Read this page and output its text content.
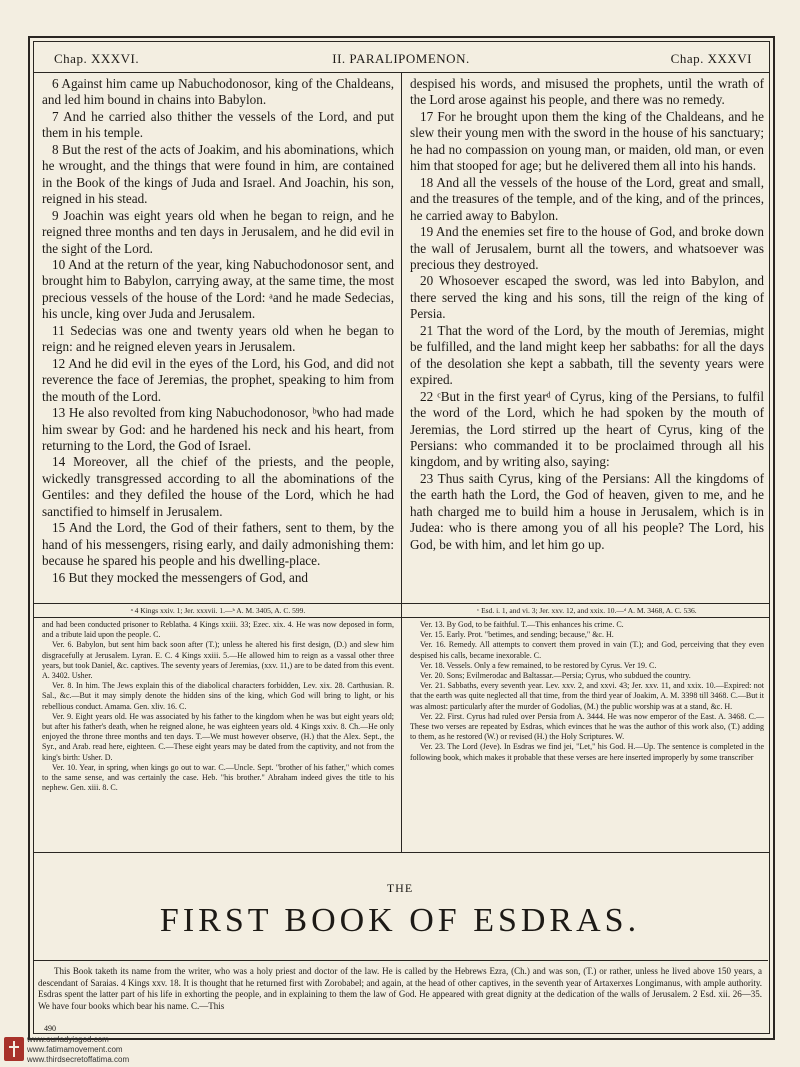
Chap. XXXVI.	II. PARALIPOMENON.	Chap. XXXVI

6 Against him came up Nabuchodonosor, king of the Chaldeans, and led him bound in chains into Babylon.

7 And he carried also thither the vessels of the Lord, and put them in his temple.

8 But the rest of the acts of Joakim, and his abominations, which he wrought, and the things that were found in him, are contained in the Book of the kings of Juda and Israel. And Joachin, his son, reigned in his stead.

9 Joachin was eight years old when he began to reign, and he reigned three months and ten days in Jerusalem, and he did evil in the sight of the Lord.

10 And at the return of the year, king Nabuchodonosor sent, and brought him to Babylon, carrying away, at the same time, the most precious vessels of the house of the Lord: ᵃand he made Sedecias, his uncle, king over Juda and Jerusalem.

11 Sedecias was one and twenty years old when he began to reign: and he reigned eleven years in Jerusalem.

12 And he did evil in the eyes of the Lord, his God, and did not reverence the face of Jeremias, the prophet, speaking to him from the mouth of the Lord.

13 He also revolted from king Nabuchodonosor, ᵇwho had made him swear by God: and he hardened his neck and his heart, from returning to the Lord, the God of Israel.

14 Moreover, all the chief of the priests, and the people, wickedly transgressed according to all the abominations of the Gentiles: and they defiled the house of the Lord, which he had sanctified to himself in Jerusalem.

15 And the Lord, the God of their fathers, sent to them, by the hand of his messengers, rising early, and daily admonishing them: because he spared his people and his dwelling-place.

16 But they mocked the messengers of God, and

despised his words, and misused the prophets, until the wrath of the Lord arose against his people, and there was no remedy.

17 For he brought upon them the king of the Chaldeans, and he slew their young men with the sword in the house of his sanctuary; he had no compassion on young man, or maiden, old man, or even him that stooped for age; but he delivered them all into his hands.

18 And all the vessels of the house of the Lord, great and small, and the treasures of the temple, and of the king, and of the princes, he carried away to Babylon.

19 And the enemies set fire to the house of God, and broke down the wall of Jerusalem, burnt all the towers, and whatsoever was precious they destroyed.

20 Whosoever escaped the sword, was led into Babylon, and there served the king and his sons, till the reign of the king of Persia.

21 That the word of the Lord, by the mouth of Jeremias, might be fulfilled, and the land might keep her sabbaths: for all the days of the desolation she kept a sabbath, till the seventy years were expired.

22 ᶜBut in the first yearᵈ of Cyrus, king of the Persians, to fulfil the word of the Lord, which he had spoken by the mouth of Jeremias, the Lord stirred up the heart of Cyrus, king of the Persians: who commanded it to be proclaimed through all his kingdom, and by writing also, saying:

23 Thus saith Cyrus, king of the Persians: All the kingdoms of the earth hath the Lord, the God of heaven, given to me, and he hath charged me to build him a house in Jerusalem, which is in Judea: who is there among you of all his people? The Lord, his God, be with him, and let him go up.

ᵃ 4 Kings xxiv. 1; Jer. xxxvii. 1.—ᵇ A. M. 3405, A. C. 599.	ᶜ Esd. i. 1, and vi. 3; Jer. xxv. 12, and xxix. 10.—ᵈ A. M. 3468, A. C. 536.

and had been conducted prisoner to Reblatha. 4 Kings xxiii. 33; Ezec. xix. 4. He was now deposed in form, and a tribute laid upon the people. C.

Ver. 6. Babylon, but sent him back soon after (T.); unless he altered his first design, (D.) and slew him disgracefully at Jerusalem. Lyran. E. C. 4 Kings xxiii. 5.—He allowed him to reign as a vassal other three years, but took Daniel, &c. captives. The seventy years of Jeremias, (xxv. 11,) are to be dated from this event. A. 3402. Usher.

Ver. 8. In him. The Jews explain this of the diabolical characters forbidden, Lev. xix. 28. Carthusian. R. Sal., &c.—But it may simply denote the hidden sins of the king, which God will bring to light, or his rebellious conduct. Amama. Gen. xliv. 16. C.

Ver. 9. Eight years old. He was associated by his father to the kingdom when he was but eight years old; but after his father's death, when he reigned alone, he was eighteen years old. 4 Kings xxiv. 8. Ch.—He only enjoyed the throne three months and ten days. T.—We must however observe, (H.) that the Alex. Sept., the Syr., and Arab. read here, eighteen. C.—These eight years may be dated from the captivity, and not from the king's birth: Usher. D.

Ver. 10. Year, in spring, when kings go out to war. C.—Uncle. Sept. "brother of his father," which comes to the same sense, and was certainly the case. Heb. "his brother." Abraham indeed gives the title to his nephew. Gen. xiii. 8. C.

Ver. 13. By God, to be faithful. T.—This enhances his crime. C.

Ver. 15. Early. Prot. "betimes, and sending; because," &c. H.

Ver. 16. Remedy. All attempts to convert them proved in vain (T.); and God, perceiving that they even despised his calls, became inexorable. C.

Ver. 18. Vessels. Only a few remained, to be restored by Cyrus. Ver 19. C.

Ver. 20. Sons; Evilmerodac and Baltassar.—Persia; Cyrus, who subdued the country.

Ver. 21. Sabbaths, every seventh year. Lev. xxv. 2, and xxvi. 43; Jer. xxv. 11, and xxix. 10.—Expired: not that the earth was quite neglected all that time, from the third year of Joakim, A. M. 3398 till 3468. C.—But it was almost: particularly after the murder of Godolias, (M.) the public worship was at a stand, &c. H.

Ver. 22. First. Cyrus had ruled over Persia from A. 3444. He was now emperor of the East. A. 3468. C.—These two verses are repeated by Esdras, which evinces that he was the author of this work also, (T.) adding to them, as he restored (W.) or revised (H.) the Holy Scriptures. W.

Ver. 23. The Lord (Jeve). In Esdras we find jei, "Let," his God. H.—Up. The sentence is completed in the following book, which makes it probable that these verses are here inserted improperly by some transcriber

THE
FIRST BOOK OF ESDRAS.

This Book taketh its name from the writer, who was a holy priest and doctor of the law. He is called by the Hebrews Ezra, (Ch.) and was son, (T.) or rather, unless he lived above 150 years, a descendant of Saraias. 4 Kings xxv. 18. It is thought that he returned first with Zorobabel; and again, at the head of other captives, in the seventh year of Artaxerxes Longimanus, with ample authority. Esdras spent the latter part of his life in exhorting the people, and in explaining to them the law of God. He appeared with great dignity at the dedication of the walls of Jerusalem. 2 Esd. xii. 26—35. We have four books which bear his name. C.—This

490
www.ourladyisgod.com
www.fatimamovement.com
www.thirdsecretoffatima.com
